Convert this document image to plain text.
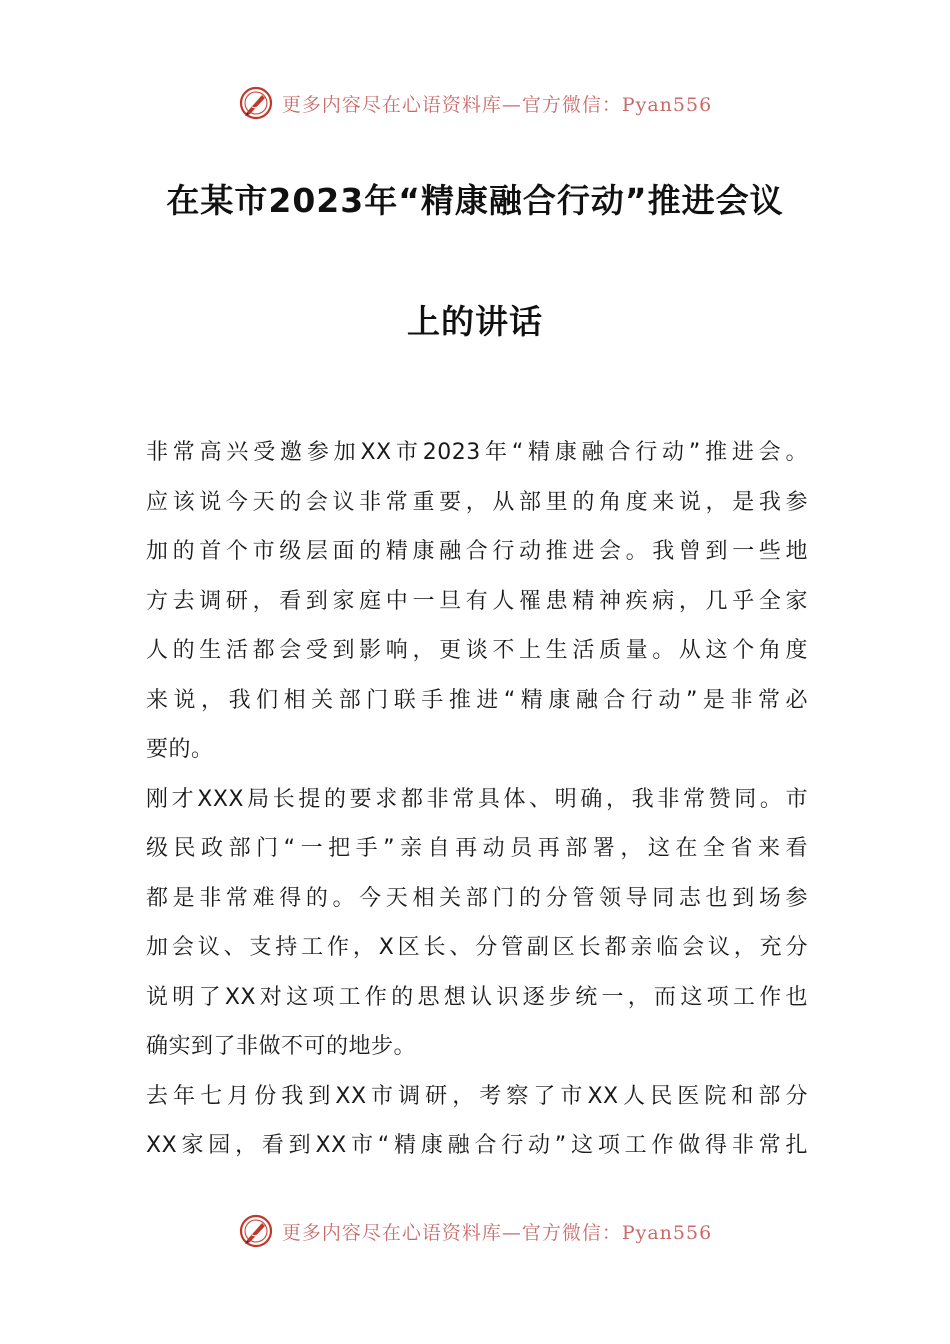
更多内容尽在心语资料库—官方微信：Pyan556
在某市2023年“精康融合行动”推进会议
上的讲话
非常高兴受邀参加XX市2023年“精康融合行动”推进会。
应该说今天的会议非常重要，从部里的角度来说，是我参
加的首个市级层面的精康融合行动推进会。我曾到一些地
方去调研，看到家庭中一旦有人罹患精神疾病，几乎全家
人的生活都会受到影响，更谈不上生活质量。从这个角度
来说，我们相关部门联手推进“精康融合行动”是非常必
要的。
刚才XXX局长提的要求都非常具体、明确，我非常赞同。市
级民政部门“一把手”亲自再动员再部署，这在全省来看
都是非常难得的。今天相关部门的分管领导同志也到场参
加会议、支持工作，X区长、分管副区长都亲临会议，充分
说明了XX对这项工作的思想认识逐步统一，而这项工作也
确实到了非做不可的地步。
去年七月份我到XX市调研，考察了市XX人民医院和部分
XX家园，看到XX市“精康融合行动”这项工作做得非常扎
更多内容尽在心语资料库—官方微信：Pyan556
